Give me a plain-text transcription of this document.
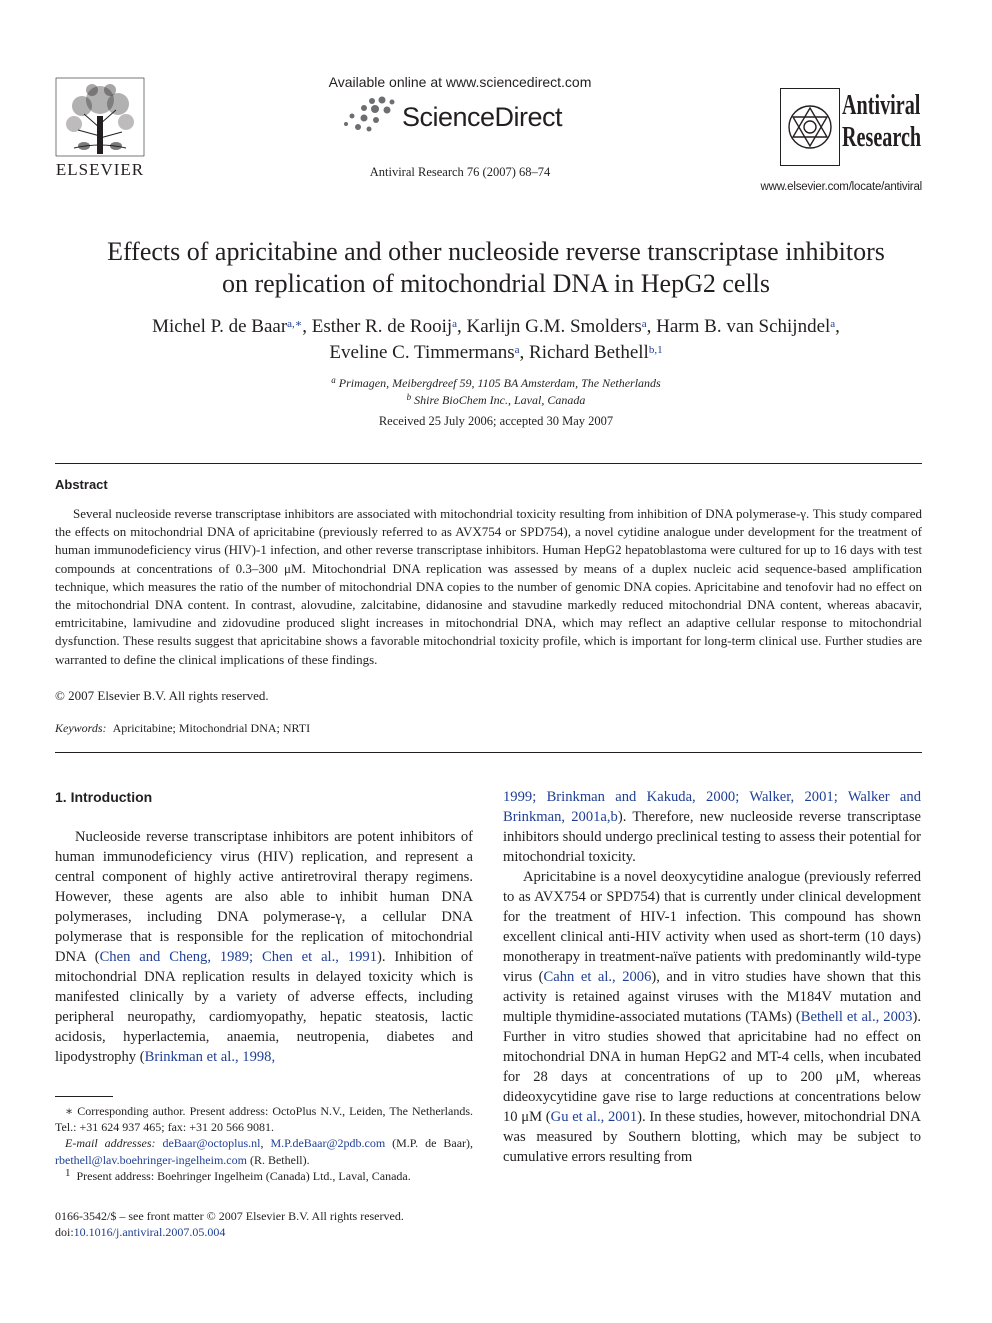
ELSEVIER
Available online at www.sciencedirect.com
ScienceDirect
Antiviral Research 76 (2007) 68–74
Antiviral
Research
www.elsevier.com/locate/antiviral
Effects of apricitabine and other nucleoside reverse transcriptase inhibitors
on replication of mitochondrial DNA in HepG2 cells
Michel P. de Baar$^{a,∗}$, Esther R. de Rooij$^a$, Karlijn G.M. Smolders$^a$, Harm B. van Schijndel$^a$,
Eveline C. Timmermans$^a$, Richard Bethell$^{b,1}$
$^a$ Primagen, Meibergdreef 59, 1105 BA Amsterdam, The Netherlands
$^b$ Shire BioChem Inc., Laval, Canada
Received 25 July 2006; accepted 30 May 2007
Abstract
Several nucleoside reverse transcriptase inhibitors are associated with mitochondrial toxicity resulting from inhibition of DNA polymerase-γ. This study compared the effects on mitochondrial DNA of apricitabine (previously referred to as AVX754 or SPD754), a novel cytidine analogue under development for the treatment of human immunodeficiency virus (HIV)-1 infection, and other reverse transcriptase inhibitors. Human HepG2 hepatoblastoma were cultured for up to 16 days with test compounds at concentrations of 0.3–300 μM. Mitochondrial DNA replication was assessed by means of a duplex nucleic acid sequence-based amplification technique, which measures the ratio of the number of mitochondrial DNA copies to the number of genomic DNA copies. Apricitabine and tenofovir had no effect on the mitochondrial DNA content. In contrast, alovudine, zalcitabine, didanosine and stavudine markedly reduced mitochondrial DNA content, whereas abacavir, emtricitabine, lamivudine and zidovudine produced slight increases in mitochondrial DNA, which may reflect an adaptive cellular response to mitochondrial dysfunction. These results suggest that apricitabine shows a favorable mitochondrial toxicity profile, which is important for long-term clinical use. Further studies are warranted to define the clinical implications of these findings.
© 2007 Elsevier B.V. All rights reserved.
Keywords: Apricitabine; Mitochondrial DNA; NRTI
1. Introduction

Nucleoside reverse transcriptase inhibitors are potent inhibitors of human immunodeficiency virus (HIV) replication, and represent a central component of highly active antiretroviral therapy regimens. However, these agents are also able to inhibit human DNA polymerases, including DNA polymerase-γ, a cellular DNA polymerase that is responsible for the replication of mitochondrial DNA (Chen and Cheng, 1989; Chen et al., 1991). Inhibition of mitochondrial DNA replication results in delayed toxicity which is manifested clinically by a variety of adverse effects, including peripheral neuropathy, cardiomyopathy, hepatic steatosis, lactic acidosis, hyperlactemia, anaemia, neutropenia, diabetes and lipodystrophy (Brinkman et al., 1998,

1999; Brinkman and Kakuda, 2000; Walker, 2001; Walker and Brinkman, 2001a,b). Therefore, new nucleoside reverse transcriptase inhibitors should undergo preclinical testing to assess their potential for mitochondrial toxicity.

Apricitabine is a novel deoxycytidine analogue (previously referred to as AVX754 or SPD754) that is currently under clinical development for the treatment of HIV-1 infection. This compound has shown excellent clinical anti-HIV activity when used as short-term (10 days) monotherapy in treatment-naïve patients with predominantly wild-type virus (Cahn et al., 2006), and in vitro studies have shown that this activity is retained against viruses with the M184V mutation and multiple thymidine-associated mutations (TAMs) (Bethell et al., 2003). Further in vitro studies showed that apricitabine had no effect on mitochondrial DNA in human HepG2 and MT-4 cells, when incubated for 28 days at concentrations of up to 200 μM, whereas dideoxycytidine gave rise to large reductions at concentrations below 10 μM (Gu et al., 2001). In these studies, however, mitochondrial DNA was measured by Southern blotting, which may be subject to cumulative errors resulting from

∗ Corresponding author. Present address: OctoPlus N.V., Leiden, The Netherlands. Tel.: +31 624 937 465; fax: +31 20 566 9081.

E-mail addresses: deBaar@octoplus.nl, M.P.deBaar@2pdb.com (M.P. de Baar), rbethell@lav.boehringer-ingelheim.com (R. Bethell).

$^1$ Present address: Boehringer Ingelheim (Canada) Ltd., Laval, Canada.

0166-3542/$ – see front matter © 2007 Elsevier B.V. All rights reserved.
doi:10.1016/j.antiviral.2007.05.004
